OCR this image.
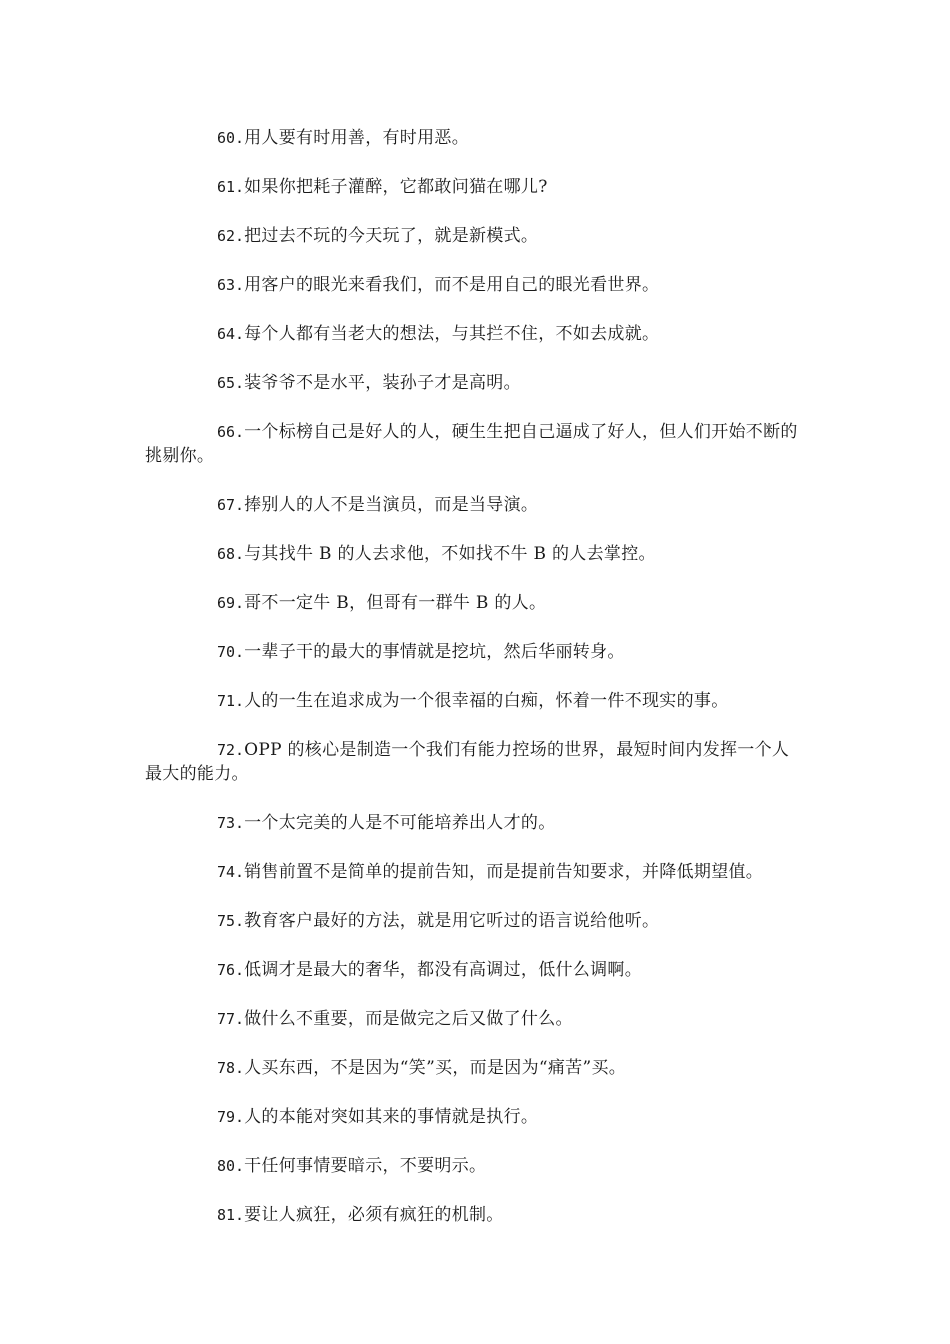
60.用人要有时用善，有时用恶。

61.如果你把耗子灌醉，它都敢问猫在哪儿?

62.把过去不玩的今天玩了，就是新模式。

63.用客户的眼光来看我们，而不是用自己的眼光看世界。

64.每个人都有当老大的想法，与其拦不住，不如去成就。

65.装爷爷不是水平，装孙子才是高明。

66.一个标榜自己是好人的人，硬生生把自己逼成了好人，但人们开始不断的挑剔你。

67.捧别人的人不是当演员，而是当导演。

68.与其找牛 B 的人去求他，不如找不牛 B 的人去掌控。

69.哥不一定牛 B，但哥有一群牛 B 的人。

70.一辈子干的最大的事情就是挖坑，然后华丽转身。

71.人的一生在追求成为一个很幸福的白痴，怀着一件不现实的事。

72.OPP 的核心是制造一个我们有能力控场的世界，最短时间内发挥一个人最大的能力。

73.一个太完美的人是不可能培养出人才的。

74.销售前置不是简单的提前告知，而是提前告知要求，并降低期望值。

75.教育客户最好的方法，就是用它听过的语言说给他听。

76.低调才是最大的奢华，都没有高调过，低什么调啊。

77.做什么不重要，而是做完之后又做了什么。

78.人买东西，不是因为“笑”买，而是因为“痛苦”买。

79.人的本能对突如其来的事情就是执行。

80.干任何事情要暗示，不要明示。

81.要让人疯狂，必须有疯狂的机制。
